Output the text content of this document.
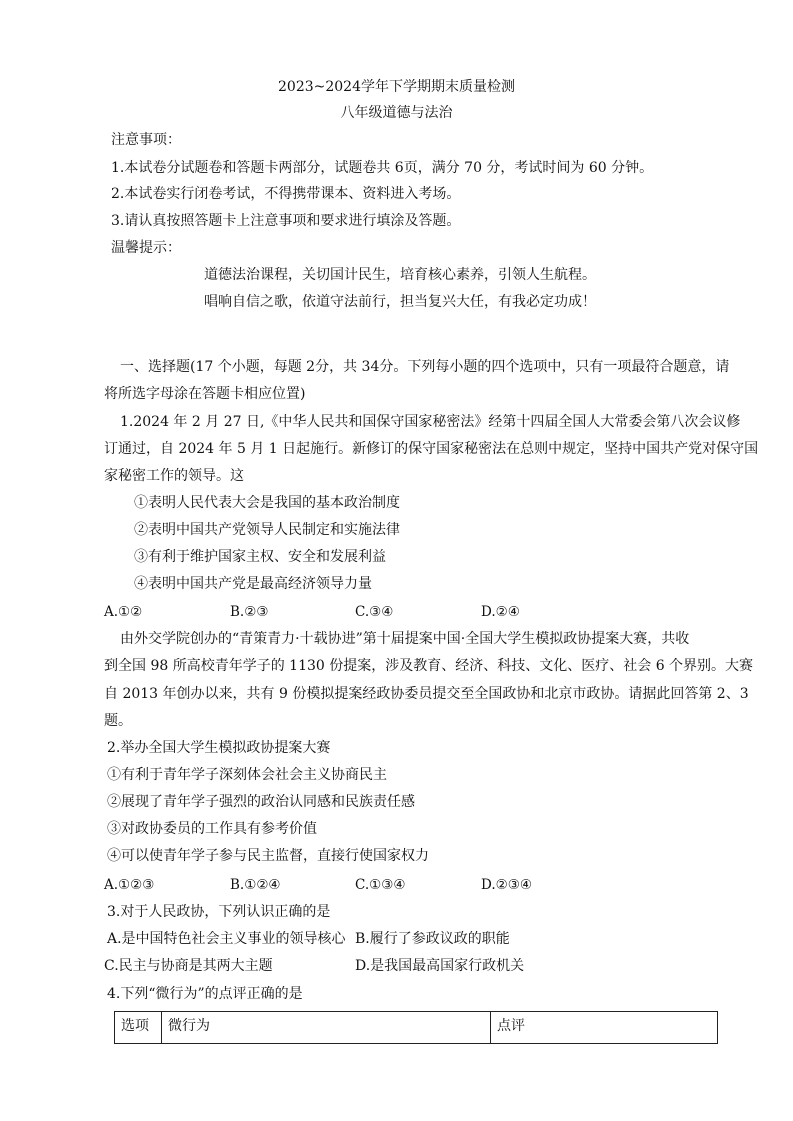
2023~2024学年下学期期末质量检测
八年级道德与法治
注意事项：
1.本试卷分试题卷和答题卡两部分，试题卷共 6页，满分 70 分，考试时间为 60 分钟。
2.本试卷实行闭卷考试，不得携带课本、资料进入考场。
3.请认真按照答题卡上注意事项和要求进行填涂及答题。
温馨提示：
道德法治课程，关切国计民生，培育核心素养，引领人生航程。
唱响自信之歌，依道守法前行，担当复兴大任，有我必定功成！
一、选择题(17 个小题，每题 2分，共 34分。下列每小题的四个选项中，只有一项最符合题意，请
将所选字母涂在答题卡相应位置)
1.2024 年 2 月 27 日,《中华人民共和国保守国家秘密法》经第十四届全国人大常委会第八次会议修
订通过，自 2024 年 5 月 1 日起施行。新修订的保守国家秘密法在总则中规定，坚持中国共产党对保守国
家秘密工作的领导。这
①表明人民代表大会是我国的基本政治制度
②表明中国共产党领导人民制定和实施法律
③有利于维护国家主权、安全和发展利益
④表明中国共产党是最高经济领导力量
A.①②	B.②③	C.③④	D.②④
由外交学院创办的“青策青力·十载协进”第十届提案中国·全国大学生模拟政协提案大赛，共收
到全国 98 所高校青年学子的 1130 份提案，涉及教育、经济、科技、文化、医疗、社会 6 个界别。大赛
自 2013 年创办以来，共有 9 份模拟提案经政协委员提交至全国政协和北京市政协。请据此回答第 2、3
题。
2.举办全国大学生模拟政协提案大赛
①有利于青年学子深刻体会社会主义协商民主
②展现了青年学子强烈的政治认同感和民族责任感
③对政协委员的工作具有参考价值
④可以使青年学子参与民主监督，直接行使国家权力
A.①②③	B.①②④	C.①③④	D.②③④
3.对于人民政协，下列认识正确的是
A.是中国特色社会主义事业的领导核心 B.履行了参政议政的职能
C.民主与协商是其两大主题	D.是我国最高国家行政机关
4.下列“微行为”的点评正确的是
选项	微行为	点评
